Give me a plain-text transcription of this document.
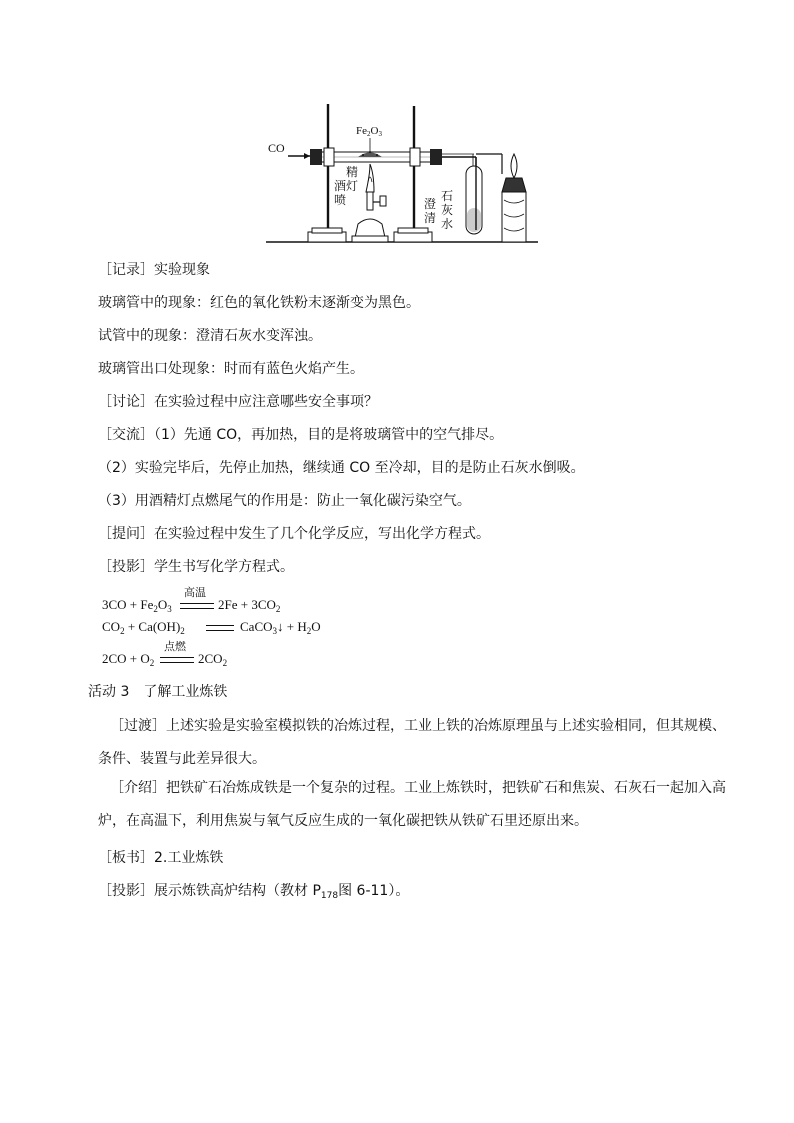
CO
Fe2O3
酒
精
喷
灯
澄
清
石
灰
水
［记录］实验现象
玻璃管中的现象：红色的氧化铁粉末逐渐变为黑色。
试管中的现象：澄清石灰水变浑浊。
玻璃管出口处现象：时而有蓝色火焰产生。
［讨论］在实验过程中应注意哪些安全事项？
［交流］（1）先通 CO，再加热，目的是将玻璃管中的空气排尽。
（2）实验完毕后，先停止加热，继续通 CO 至冷却，目的是防止石灰水倒吸。
（3）用酒精灯点燃尾气的作用是：防止一氧化碳污染空气。
［提问］在实验过程中发生了几个化学反应，写出化学方程式。
［投影］学生书写化学方程式。
$3CO + Fe_2O_3$
高温
$2Fe + 3CO_2$
$CO_2 + Ca(OH)_2$	CaCO$_3$↓ + $H_2O$
$2CO + O_2$
点燃
$2CO_2$
活动 3　了解工业炼铁
［过渡］上述实验是实验室模拟铁的冶炼过程，工业上铁的冶炼原理虽与上述实验相同，但其规模、条件、装置与此差异很大。
［介绍］把铁矿石冶炼成铁是一个复杂的过程。工业上炼铁时，把铁矿石和焦炭、石灰石一起加入高炉，在高温下，利用焦炭与氧气反应生成的一氧化碳把铁从铁矿石里还原出来。
［板书］2.工业炼铁
［投影］展示炼铁高炉结构（教材 $P_{178}$图 6-11）。
